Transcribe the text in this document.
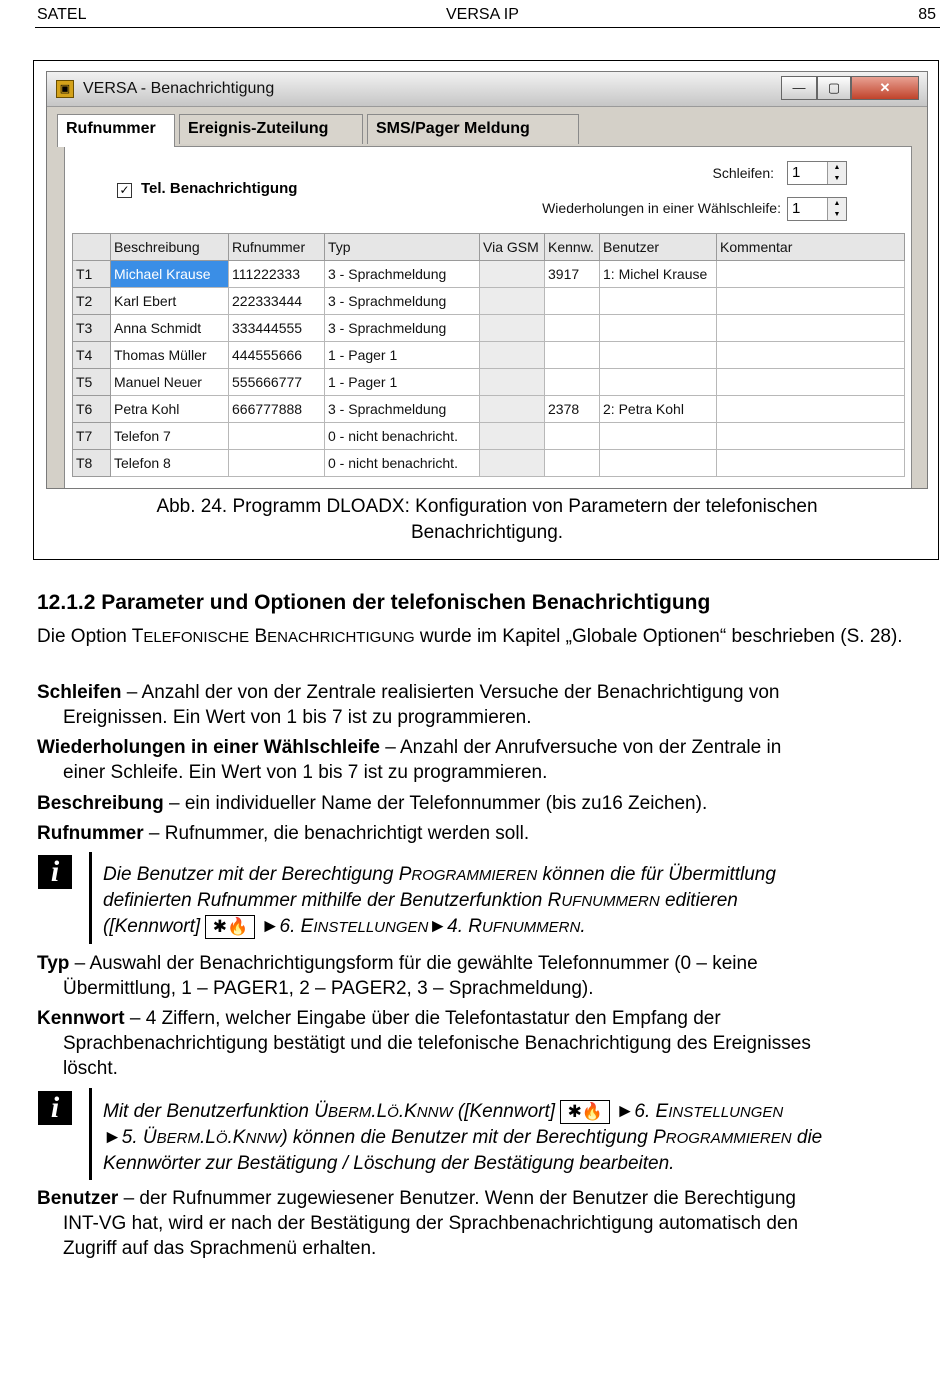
SATEL	VERSA IP	85
▣ VERSA - Benachrichtigung	—	▢	✕
Rufnummer	Ereignis-Zuteilung	SMS/Pager Meldung
✓ Tel. Benachrichtigung
Schleifen: 1	▲
▼
Wiederholungen in einer Wählschleife: 1	▲
▼
	Beschreibung	Rufnummer	Typ	Via GSM	Kennw.	Benutzer	Kommentar
T1	Michael Krause	111222333	3 - Sprachmeldung		3917	1: Michel Krause	
T2	Karl Ebert	222333444	3 - Sprachmeldung				
T3	Anna Schmidt	333444555	3 - Sprachmeldung				
T4	Thomas Müller	444555666	1 - Pager 1				
T5	Manuel Neuer	555666777	1 - Pager 1				
T6	Petra Kohl	666777888	3 - Sprachmeldung		2378	2: Petra Kohl	
T7	Telefon 7		0 - nicht benachricht.				
T8	Telefon 8		0 - nicht benachricht.				
Abb. 24. Programm DLOADX: Konfiguration von Parametern der telefonischen
Benachrichtigung.
12.1.2 Parameter und Optionen der telefonischen Benachrichtigung
Die Option TELEFONISCHE BENACHRICHTIGUNG wurde im Kapitel „Globale Optionen“ beschrieben (S. 28).
Schleifen – Anzahl der von der Zentrale realisierten Versuche der Benachrichtigung von
Ereignissen. Ein Wert von 1 bis 7 ist zu programmieren.
Wiederholungen in einer Wählschleife – Anzahl der Anrufversuche von der Zentrale in
einer Schleife. Ein Wert von 1 bis 7 ist zu programmieren.
Beschreibung – ein individueller Name der Telefonnummer (bis zu16 Zeichen).
Rufnummer – Rufnummer, die benachrichtigt werden soll.
i	Die Benutzer mit der Berechtigung PROGRAMMIEREN können die für Übermittlung
definierten Rufnummer mithilfe der Benutzerfunktion RUFNUMMERN editieren
([Kennwort] ✱🔥 ►6. EINSTELLUNGEN►4. RUFNUMMERN.
Typ – Auswahl der Benachrichtigungsform für die gewählte Telefonnummer (0 – keine
Übermittlung, 1 – PAGER1, 2 – PAGER2, 3 – Sprachmeldung).
Kennwort – 4 Ziffern, welcher Eingabe über die Telefontastatur den Empfang der
Sprachbenachrichtigung bestätigt und die telefonische Benachrichtigung des Ereignisses
löscht.
i	Mit der Benutzerfunktion ÜBERM.LÖ.KNNW ([Kennwort] ✱🔥 ►6. EINSTELLUNGEN
►5. ÜBERM.LÖ.KNNW) können die Benutzer mit der Berechtigung PROGRAMMIEREN die
Kennwörter zur Bestätigung / Löschung der Bestätigung bearbeiten.
Benutzer – der Rufnummer zugewiesener Benutzer. Wenn der Benutzer die Berechtigung
INT-VG hat, wird er nach der Bestätigung der Sprachbenachrichtigung automatisch den
Zugriff auf das Sprachmenü erhalten.
